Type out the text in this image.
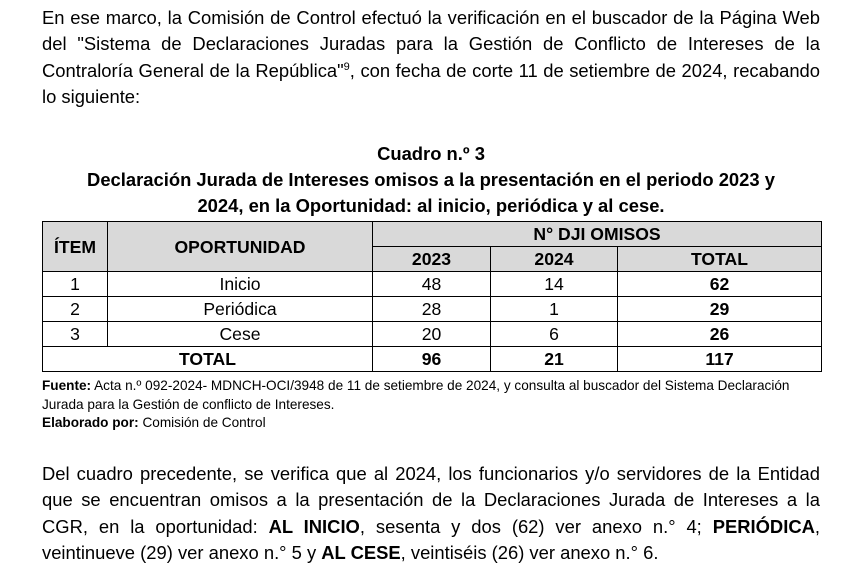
En ese marco, la Comisión de Control efectuó la verificación en el buscador de la Página Web del "Sistema de Declaraciones Juradas para la Gestión de Conflicto de Intereses de la Contraloría General de la República"$^9$, con fecha de corte 11 de setiembre de 2024, recabando lo siguiente:

Cuadro n.º 3
Declaración Jurada de Intereses omisos a la presentación en el periodo 2023 y
2024, en la Oportunidad: al inicio, periódica y al cese.
ÍTEM	OPORTUNIDAD	N° DJI OMISOS		
		2023	2024	TOTAL
1	Inicio	48	14	62
2	Periódica	28	1	29
3	Cese	20	6	26
TOTAL		96	21	117
Fuente: Acta n.º 092-2024- MDNCH-OCI/3948 de 11 de setiembre de 2024, y consulta al buscador del Sistema Declaración Jurada para la Gestión de conflicto de Intereses.
Elaborado por: Comisión de Control

Del cuadro precedente, se verifica que al 2024, los funcionarios y/o servidores de la Entidad que se encuentran omisos a la presentación de la Declaraciones Jurada de Intereses a la CGR, en la oportunidad: AL INICIO, sesenta y dos (62) ver anexo n.° 4; PERIÓDICA, veintinueve (29) ver anexo n.° 5 y AL CESE, veintiséis (26) ver anexo n.° 6.
